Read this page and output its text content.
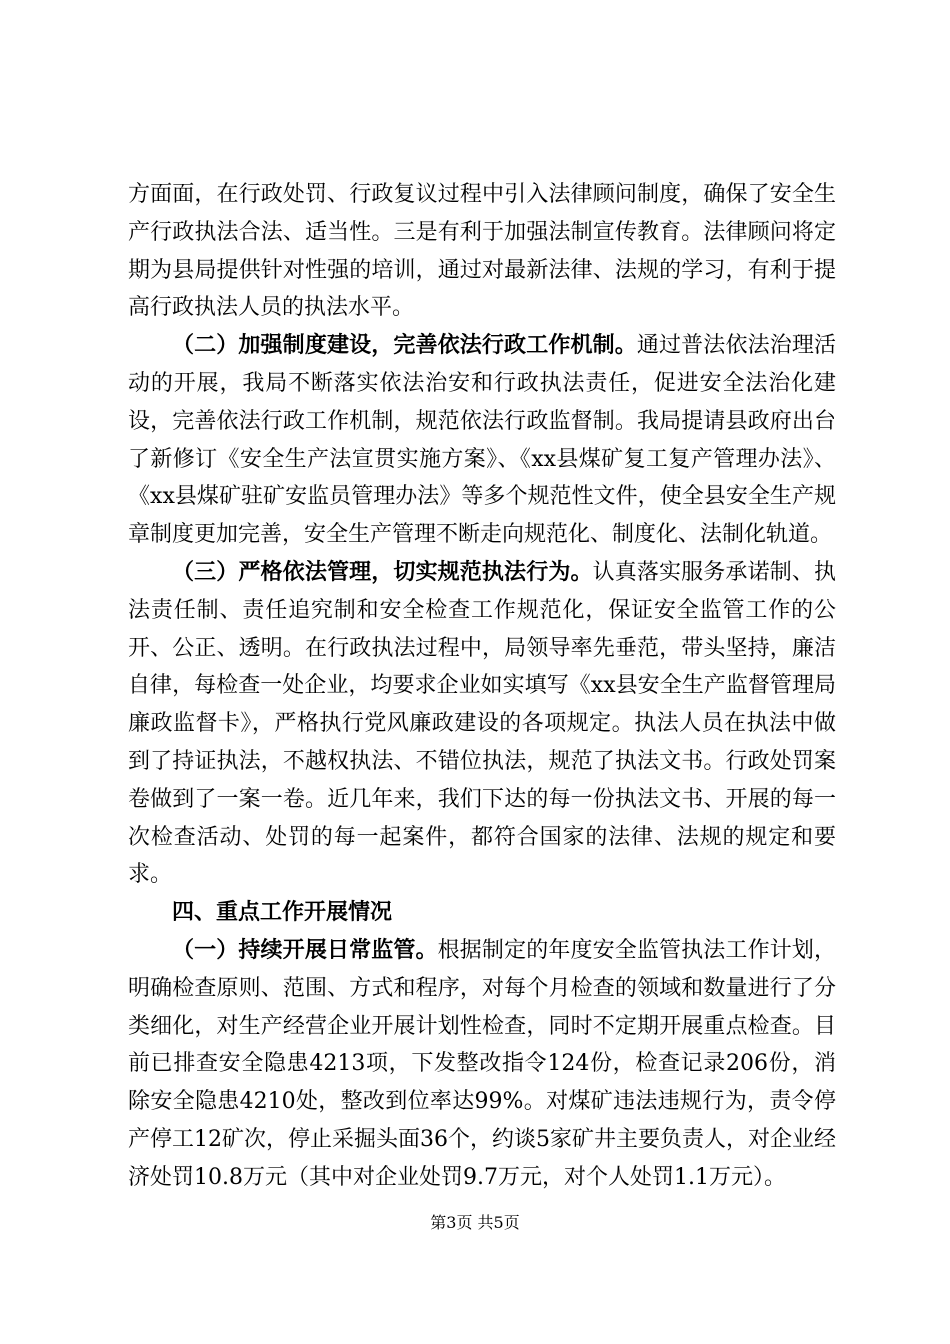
方面面，在行政处罚、行政复议过程中引入法律顾问制度，确保了安全生产行政执法合法、适当性。三是有利于加强法制宣传教育。法律顾问将定期为县局提供针对性强的培训，通过对最新法律、法规的学习，有利于提高行政执法人员的执法水平。

（二）加强制度建设，完善依法行政工作机制。通过普法依法治理活动的开展，我局不断落实依法治安和行政执法责任，促进安全法治化建设，完善依法行政工作机制，规范依法行政监督制。我局提请县政府出台了新修订《安全生产法宣贯实施方案》、《xx县煤矿复工复产管理办法》、《xx县煤矿驻矿安监员管理办法》等多个规范性文件，使全县安全生产规章制度更加完善，安全生产管理不断走向规范化、制度化、法制化轨道。

（三）严格依法管理，切实规范执法行为。认真落实服务承诺制、执法责任制、责任追究制和安全检查工作规范化，保证安全监管工作的公开、公正、透明。在行政执法过程中，局领导率先垂范，带头坚持，廉洁自律，每检查一处企业，均要求企业如实填写《xx县安全生产监督管理局廉政监督卡》，严格执行党风廉政建设的各项规定。执法人员在执法中做到了持证执法，不越权执法、不错位执法，规范了执法文书。行政处罚案卷做到了一案一卷。近几年来，我们下达的每一份执法文书、开展的每一次检查活动、处罚的每一起案件，都符合国家的法律、法规的规定和要求。

四、重点工作开展情况

（一）持续开展日常监管。根据制定的年度安全监管执法工作计划，明确检查原则、范围、方式和程序，对每个月检查的领域和数量进行了分类细化，对生产经营企业开展计划性检查，同时不定期开展重点检查。目前已排查安全隐患4213项，下发整改指令124份，检查记录206份，消除安全隐患4210处，整改到位率达99%。对煤矿违法违规行为，责令停产停工12矿次，停止采掘头面36个，约谈5家矿井主要负责人，对企业经济处罚10.8万元（其中对企业处罚9.7万元，对个人处罚1.1万元）。

第3页 共5页
